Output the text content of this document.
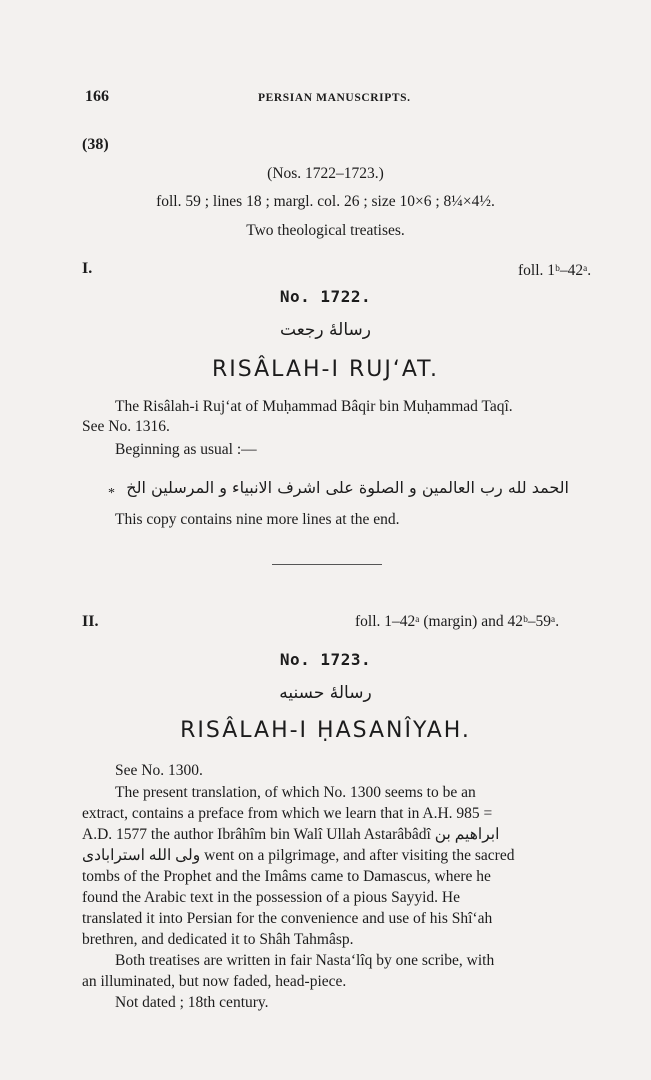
166	PERSIAN MANUSCRIPTS.
(38)
(Nos. 1722–1723.)
foll. 59 ; lines 18 ; margl. col. 26 ; size 10×6 ; 8¼×4½.
Two theological treatises.
I.	foll. 1ᵇ–42ᵃ.
No. 1722.
رسالهٔ رجعت
RISÂLAH-I RUJ‘AT.
The Risâlah-i Ruj‘at of Muḥammad Bâqir bin Muḥammad Taqî.
See No. 1316.
Beginning as usual :—
* الحمد لله رب العالمين و الصلوة على اشرف الانبياء و المرسلين الخ
This copy contains nine more lines at the end.
II.	foll. 1–42ᵃ (margin) and 42ᵇ–59ᵃ.
No. 1723.
رسالهٔ حسنيه
RISÂLAH-I ḤASANÎYAH.
See No. 1300.
The present translation, of which No. 1300 seems to be an
extract, contains a preface from which we learn that in A.H. 985 =
A.D. 1577 the author Ibrâhîm bin Walî Ullah Astarâbâdî ابراهيم بن
ولى الله استرابادى went on a pilgrimage, and after visiting the sacred
tombs of the Prophet and the Imâms came to Damascus, where he
found the Arabic text in the possession of a pious Sayyid. He
translated it into Persian for the convenience and use of his Shî‘ah
brethren, and dedicated it to Shâh Tahmâsp.
Both treatises are written in fair Nasta‘lîq by one scribe, with
an illuminated, but now faded, head-piece.
Not dated ; 18th century.
